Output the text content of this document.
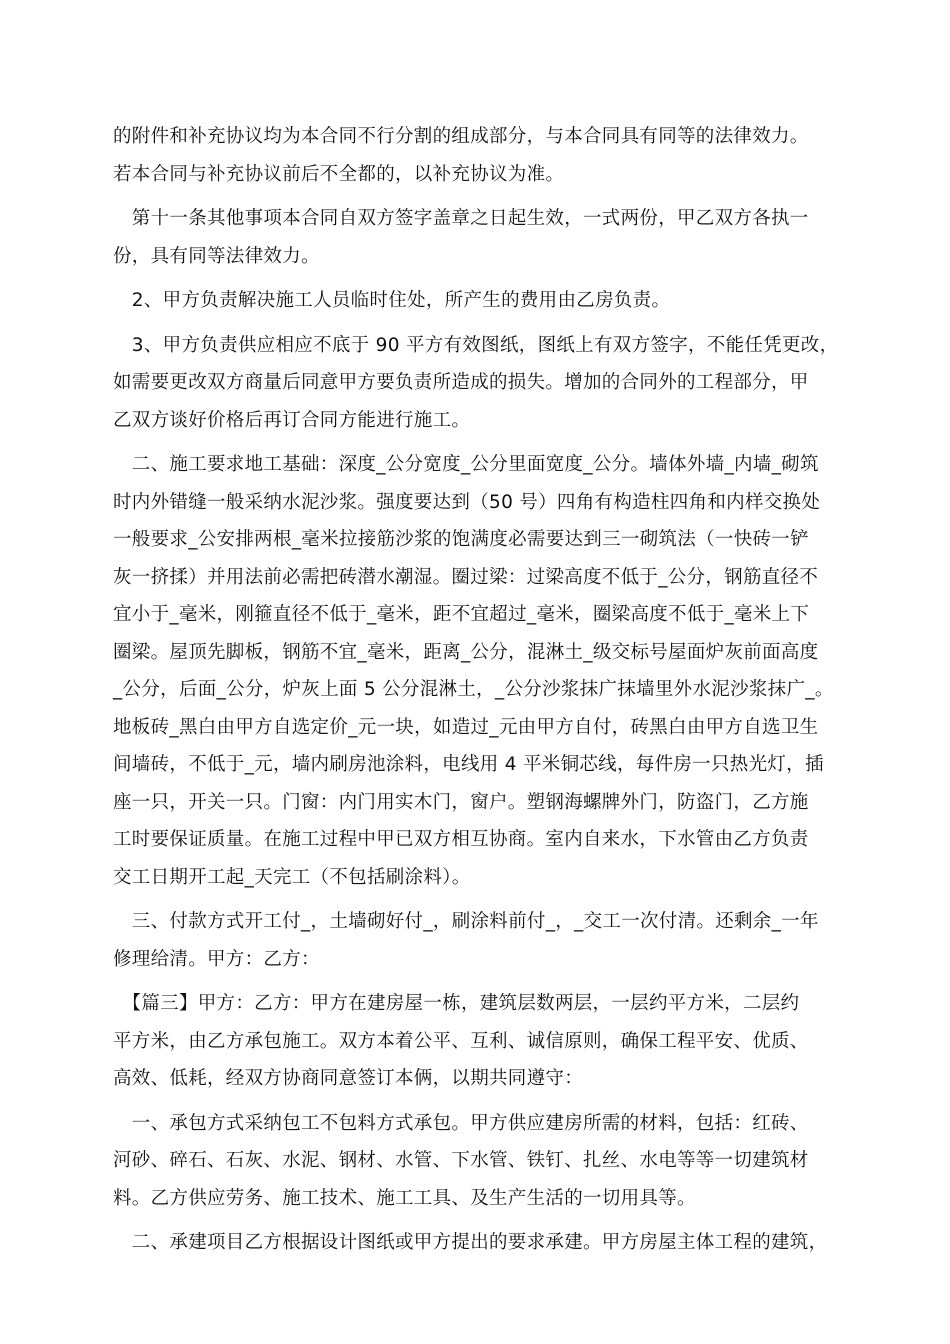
的附件和补充协议均为本合同不行分割的组成部分，与本合同具有同等的法律效力。
若本合同与补充协议前后不全都的，以补充协议为准。
　第十一条其他事项本合同自双方签字盖章之日起生效，一式两份，甲乙双方各执一
份，具有同等法律效力。
　2、甲方负责解决施工人员临时住处，所产生的费用由乙房负责。
　3、甲方负责供应相应不底于 90 平方有效图纸，图纸上有双方签字，不能任凭更改，
如需要更改双方商量后同意甲方要负责所造成的损失。增加的合同外的工程部分，甲
乙双方谈好价格后再订合同方能进行施工。
　二、施工要求地工基础：深度_公分宽度_公分里面宽度_公分。墙体外墙_内墙_砌筑
时内外错缝一般采纳水泥沙浆。强度要达到（50 号）四角有构造柱四角和内样交换处
一般要求_公安排两根_毫米拉接筋沙浆的饱满度必需要达到三一砌筑法（一快砖一铲
灰一挤揉）并用法前必需把砖潜水潮湿。圈过梁：过梁高度不低于_公分，钢筋直径不
宜小于_毫米，刚箍直径不低于_毫米，距不宜超过_毫米，圈梁高度不低于_毫米上下
圈梁。屋顶先脚板，钢筋不宜_毫米，距离_公分，混淋土_级交标号屋面炉灰前面高度
_公分，后面_公分，炉灰上面 5 公分混淋土，_公分沙浆抹广抹墙里外水泥沙浆抹广_。
地板砖_黑白由甲方自选定价_元一块，如造过_元由甲方自付，砖黑白由甲方自选卫生
间墙砖，不低于_元，墙内刷房池涂料，电线用 4 平米铜芯线，每件房一只热光灯，插
座一只，开关一只。门窗：内门用实木门，窗户。塑钢海螺牌外门，防盗门，乙方施
工时要保证质量。在施工过程中甲已双方相互协商。室内自来水，下水管由乙方负责
交工日期开工起_天完工（不包括刷涂料）。
　三、付款方式开工付_，土墙砌好付_，刷涂料前付_，_交工一次付清。还剩余_一年
修理给清。甲方：乙方：
　【篇三】甲方：乙方：甲方在建房屋一栋，建筑层数两层，一层约平方米，二层约
平方米，由乙方承包施工。双方本着公平、互利、诚信原则，确保工程平安、优质、
高效、低耗，经双方协商同意签订本俩，以期共同遵守：
　一、承包方式采纳包工不包料方式承包。甲方供应建房所需的材料，包括：红砖、
河砂、碎石、石灰、水泥、钢材、水管、下水管、铁钉、扎丝、水电等等一切建筑材
料。乙方供应劳务、施工技术、施工工具、及生产生活的一切用具等。
　二、承建项目乙方根据设计图纸或甲方提出的要求承建。甲方房屋主体工程的建筑，
